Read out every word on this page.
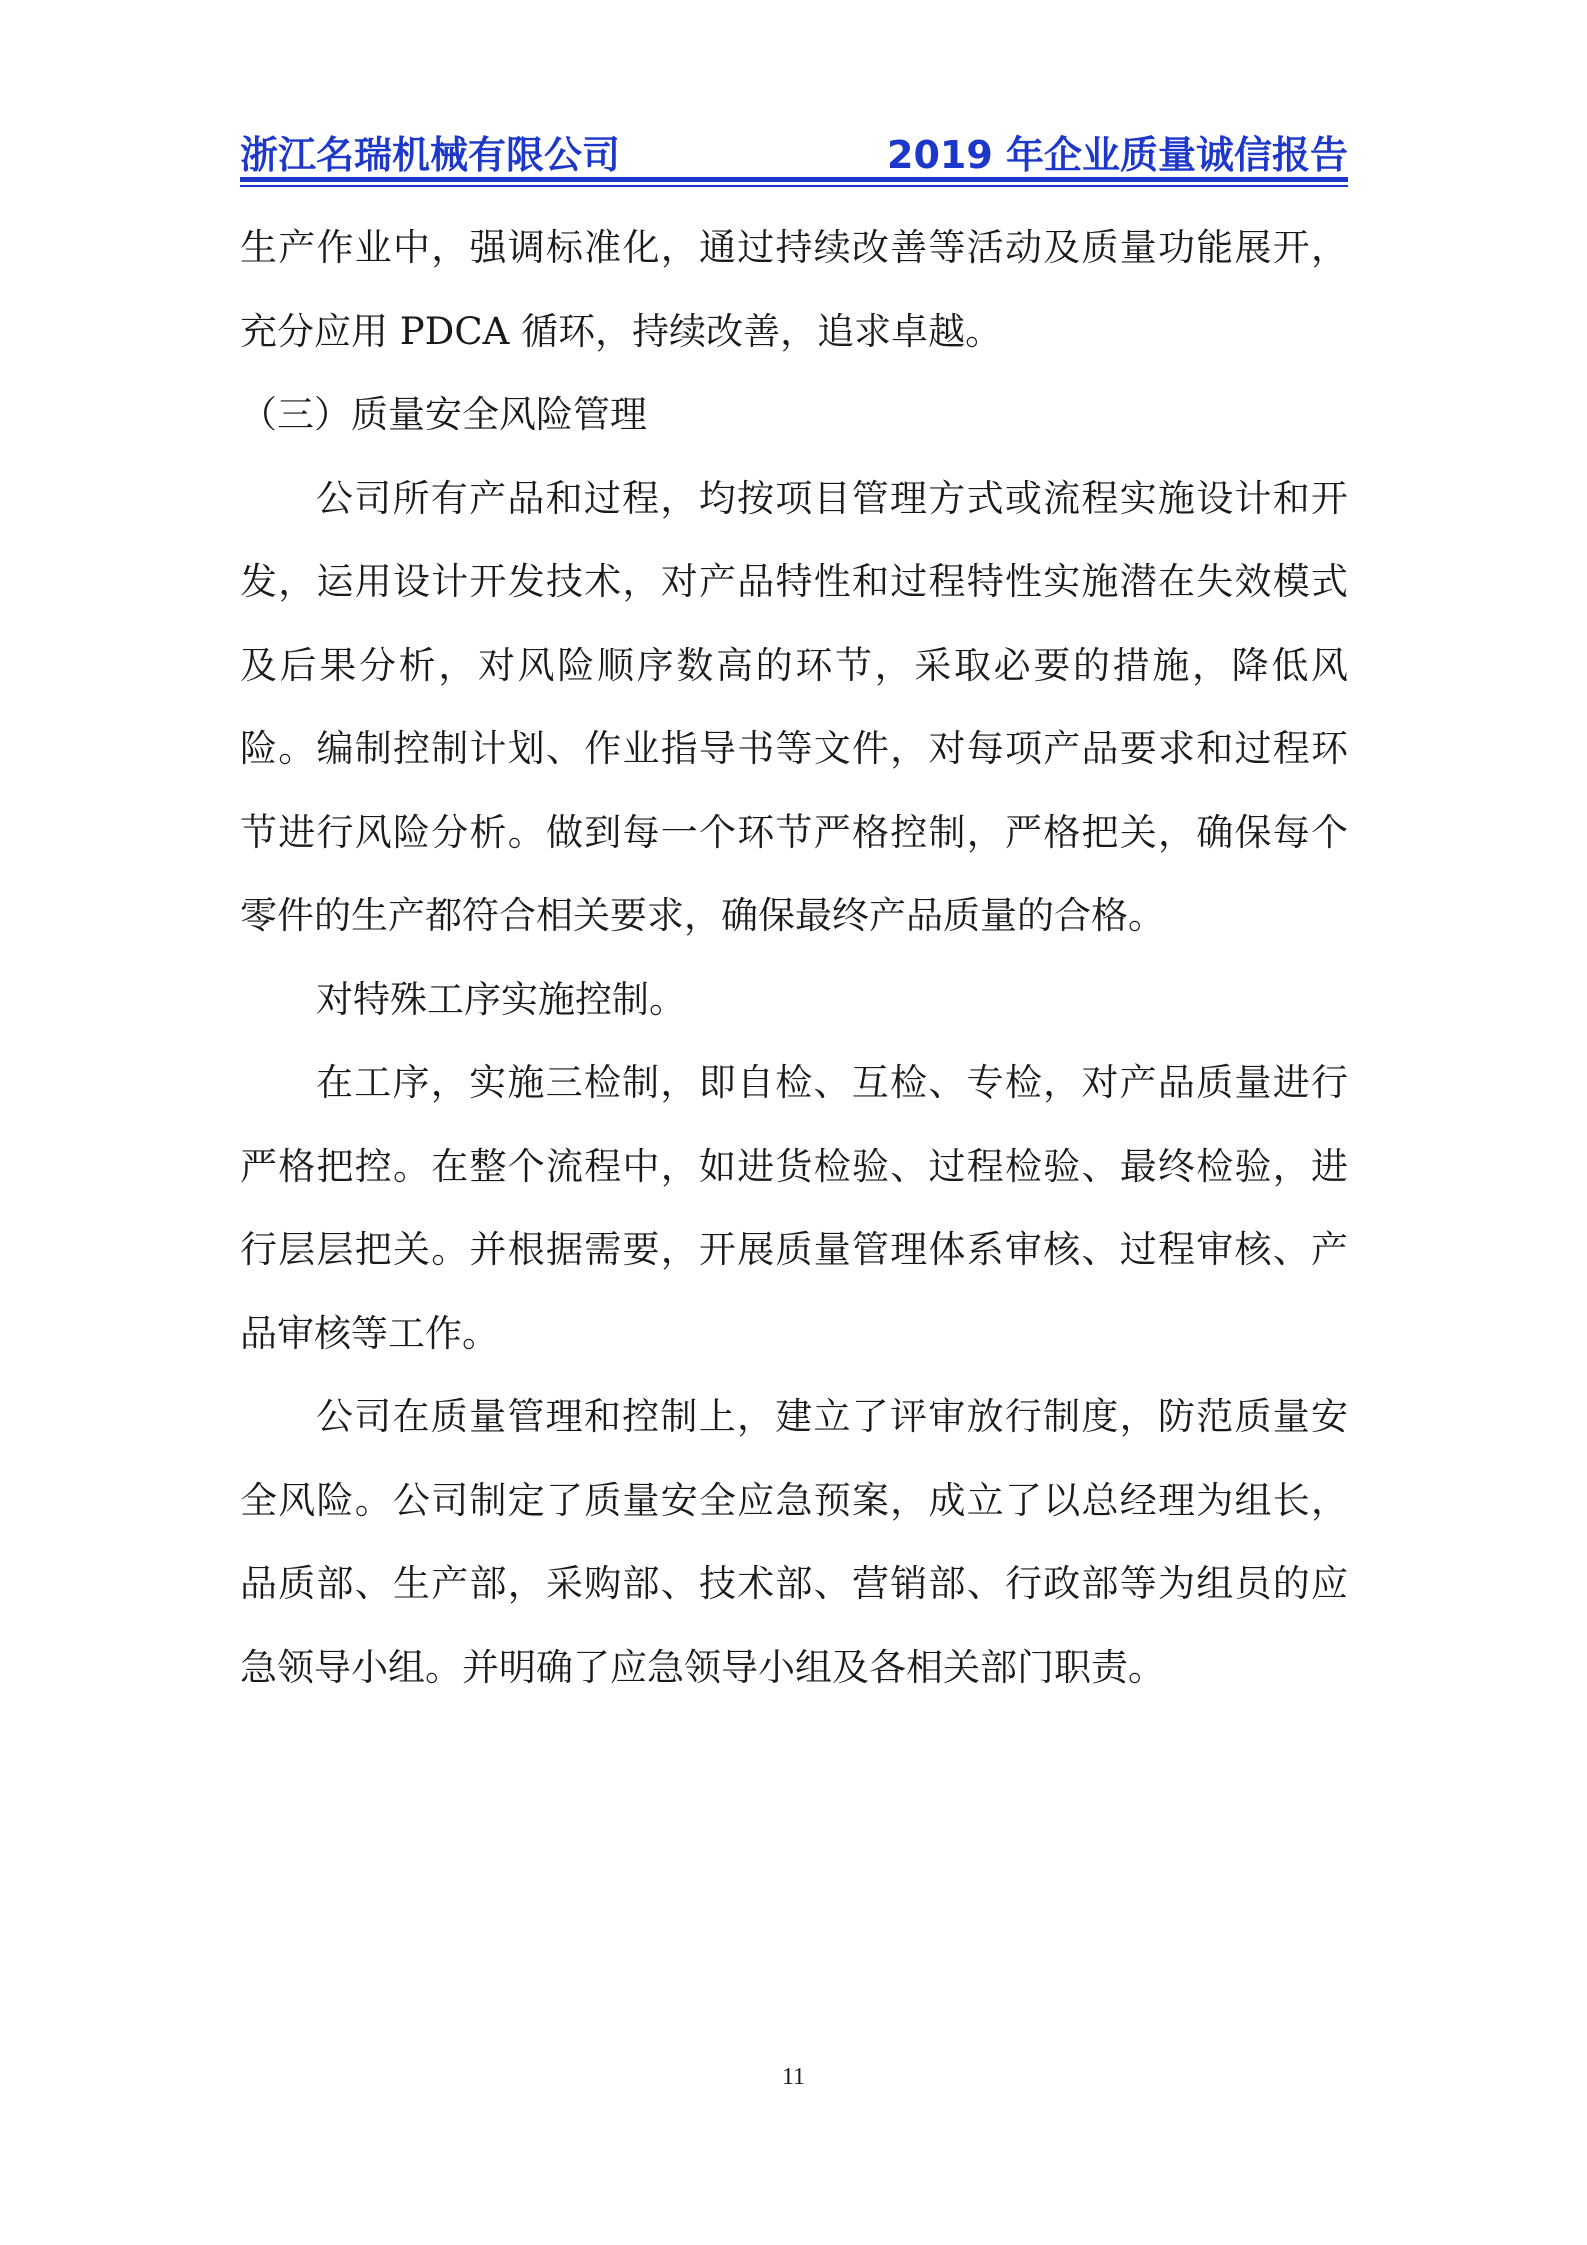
浙江名瑞机械有限公司	2019 年企业质量诚信报告

生产作业中，强调标准化，通过持续改善等活动及质量功能展开，充分应用 PDCA 循环，持续改善，追求卓越。

（三）质量安全风险管理

公司所有产品和过程，均按项目管理方式或流程实施设计和开发，运用设计开发技术，对产品特性和过程特性实施潜在失效模式及后果分析，对风险顺序数高的环节，采取必要的措施，降低风险。编制控制计划、作业指导书等文件，对每项产品要求和过程环节进行风险分析。做到每一个环节严格控制，严格把关，确保每个零件的生产都符合相关要求，确保最终产品质量的合格。

对特殊工序实施控制。

在工序，实施三检制，即自检、互检、专检，对产品质量进行严格把控。在整个流程中，如进货检验、过程检验、最终检验，进行层层把关。并根据需要，开展质量管理体系审核、过程审核、产品审核等工作。

公司在质量管理和控制上，建立了评审放行制度，防范质量安全风险。公司制定了质量安全应急预案，成立了以总经理为组长，品质部、生产部，采购部、技术部、营销部、行政部等为组员的应急领导小组。并明确了应急领导小组及各相关部门职责。

11
